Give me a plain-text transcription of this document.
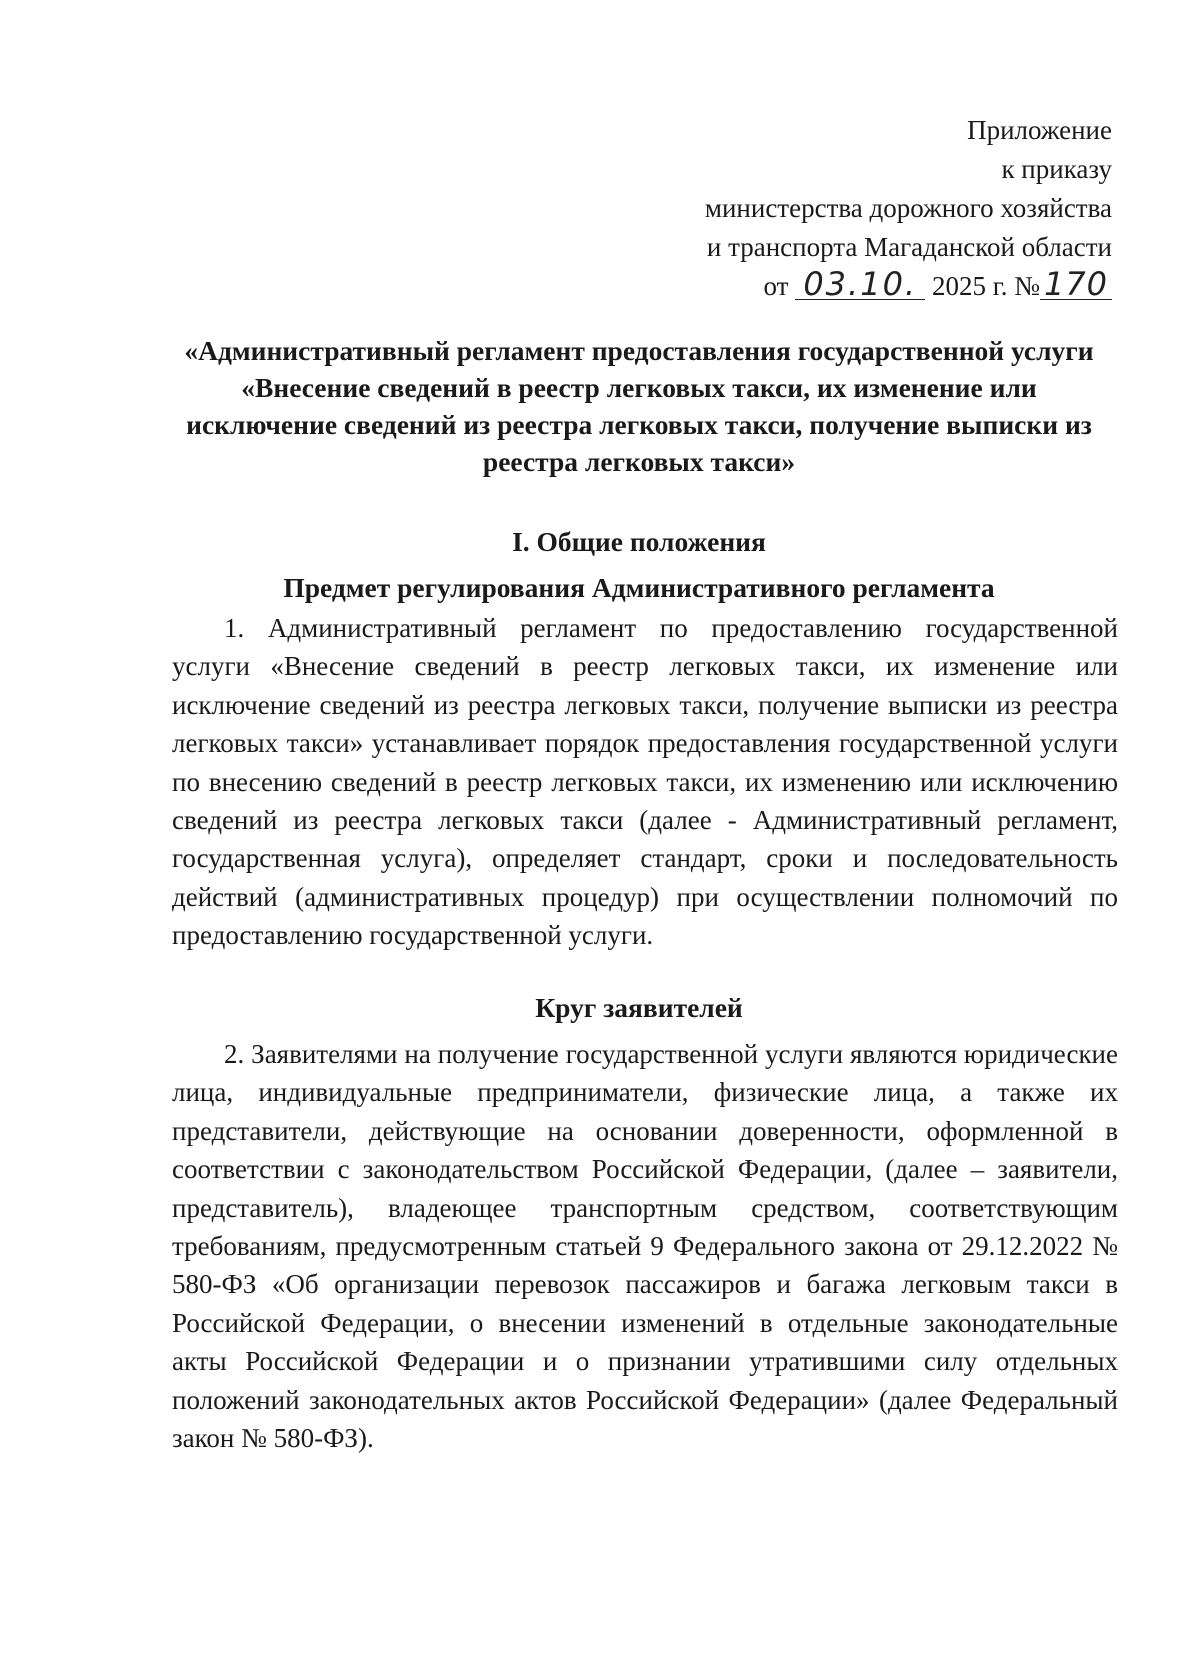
Приложение
к приказу
министерства дорожного хозяйства
и транспорта Магаданской области
от 03.10. 2025 г. № 170
«Административный регламент предоставления государственной услуги
«Внесение сведений в реестр легковых такси, их изменение или
исключение сведений из реестра легковых такси, получение выписки из
реестра легковых такси»
I. Общие положения
Предмет регулирования Административного регламента
1. Административный регламент по предоставлению государственной услуги «Внесение сведений в реестр легковых такси, их изменение или исключение сведений из реестра легковых такси, получение выписки из реестра легковых такси» устанавливает порядок предоставления государственной услуги по внесению сведений в реестр легковых такси, их изменению или исключению сведений из реестра легковых такси (далее - Административный регламент, государственная услуга), определяет стандарт, сроки и последовательность действий (административных процедур) при осуществлении полномочий по предоставлению государственной услуги.
Круг заявителей
2. Заявителями на получение государственной услуги являются юридические лица, индивидуальные предприниматели, физические лица, а также их представители, действующие на основании доверенности, оформленной в соответствии с законодательством Российской Федерации, (далее – заявители, представитель), владеющее транспортным средством, соответствующим требованиям, предусмотренным статьей 9 Федерального закона от 29.12.2022 № 580-ФЗ «Об организации перевозок пассажиров и багажа легковым такси в Российской Федерации, о внесении изменений в отдельные законодательные акты Российской Федерации и о признании утратившими силу отдельных положений законодательных актов Российской Федерации» (далее Федеральный закон № 580-ФЗ).
